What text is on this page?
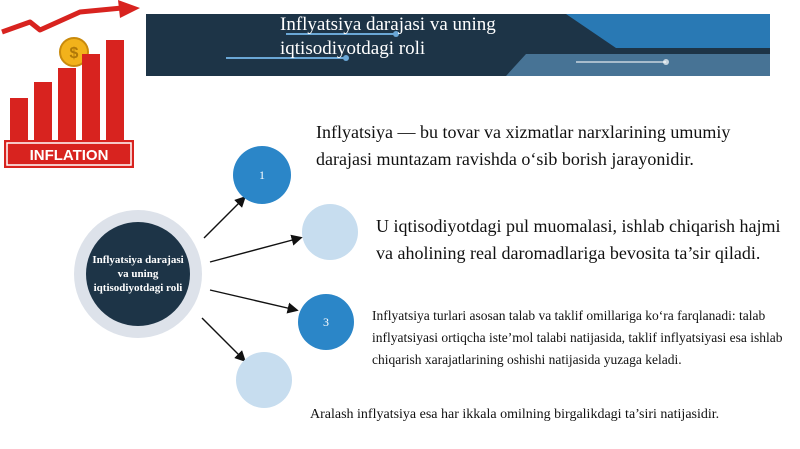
Inflyatsiya darajasi va uning iqtisodiyotdagi roli
$
INFLATION
Inflyatsiya darajasi va uning iqtisodiyotdagi roli
1
3
Inflyatsiya — bu tovar va xizmatlar narxlarining umumiy darajasi muntazam ravishda o‘sib borish jarayonidir.
U iqtisodiyotdagi pul muomalasi, ishlab chiqarish hajmi va aholining real daromadlariga bevosita ta’sir qiladi.
Inflyatsiya turlari asosan talab va taklif omillariga ko‘ra farqlanadi: talab inflyatsiyasi ortiqcha iste’mol talabi natijasida, taklif inflyatsiyasi esa ishlab chiqarish xarajatlarining oshishi natijasida yuzaga keladi.
Aralash inflyatsiya esa har ikkala omilning birgalikdagi ta’siri natijasidir.
